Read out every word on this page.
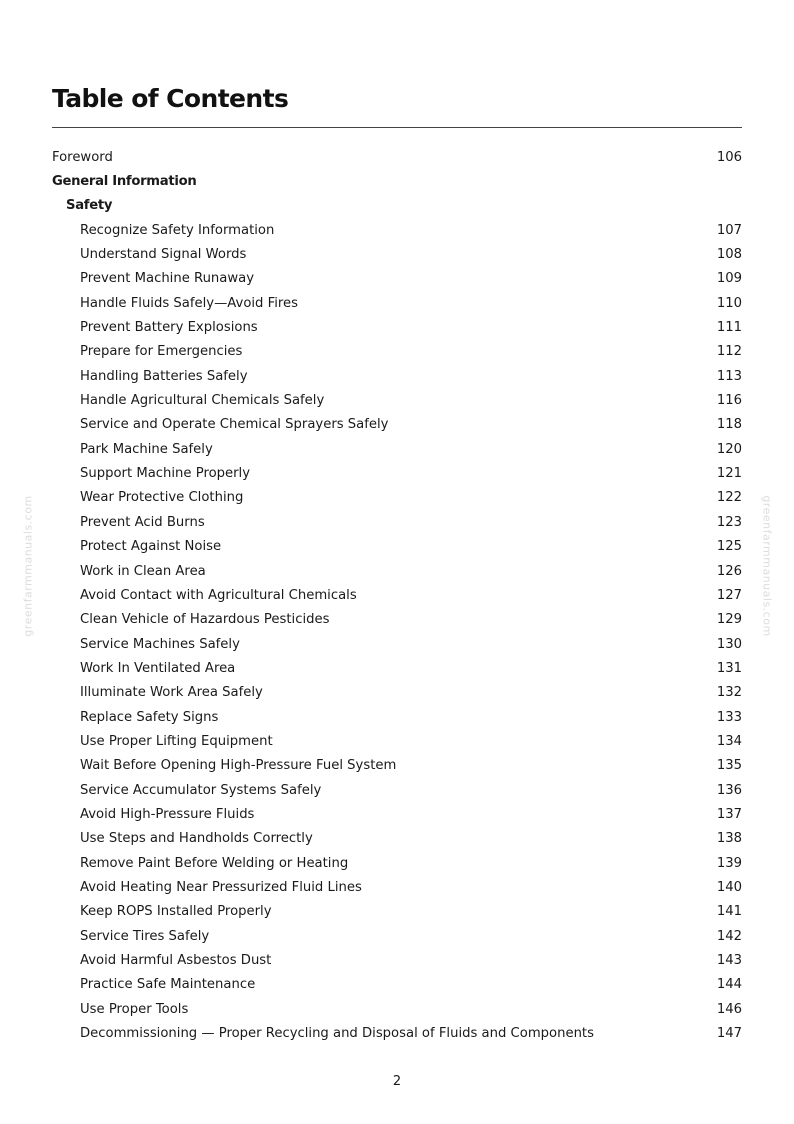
Table of Contents
Foreword	106
General Information
Safety
Recognize Safety Information	107
Understand Signal Words	108
Prevent Machine Runaway	109
Handle Fluids Safely—Avoid Fires	110
Prevent Battery Explosions	111
Prepare for Emergencies	112
Handling Batteries Safely	113
Handle Agricultural Chemicals Safely	116
Service and Operate Chemical Sprayers Safely	118
Park Machine Safely	120
Support Machine Properly	121
Wear Protective Clothing	122
Prevent Acid Burns	123
Protect Against Noise	125
Work in Clean Area	126
Avoid Contact with Agricultural Chemicals	127
Clean Vehicle of Hazardous Pesticides	129
Service Machines Safely	130
Work In Ventilated Area	131
Illuminate Work Area Safely	132
Replace Safety Signs	133
Use Proper Lifting Equipment	134
Wait Before Opening High-Pressure Fuel System	135
Service Accumulator Systems Safely	136
Avoid High-Pressure Fluids	137
Use Steps and Handholds Correctly	138
Remove Paint Before Welding or Heating	139
Avoid Heating Near Pressurized Fluid Lines	140
Keep ROPS Installed Properly	141
Service Tires Safely	142
Avoid Harmful Asbestos Dust	143
Practice Safe Maintenance	144
Use Proper Tools	146
Decommissioning — Proper Recycling and Disposal of Fluids and Components	147
greenfarmmanuals.com	greenfarmmanuals.com
2
